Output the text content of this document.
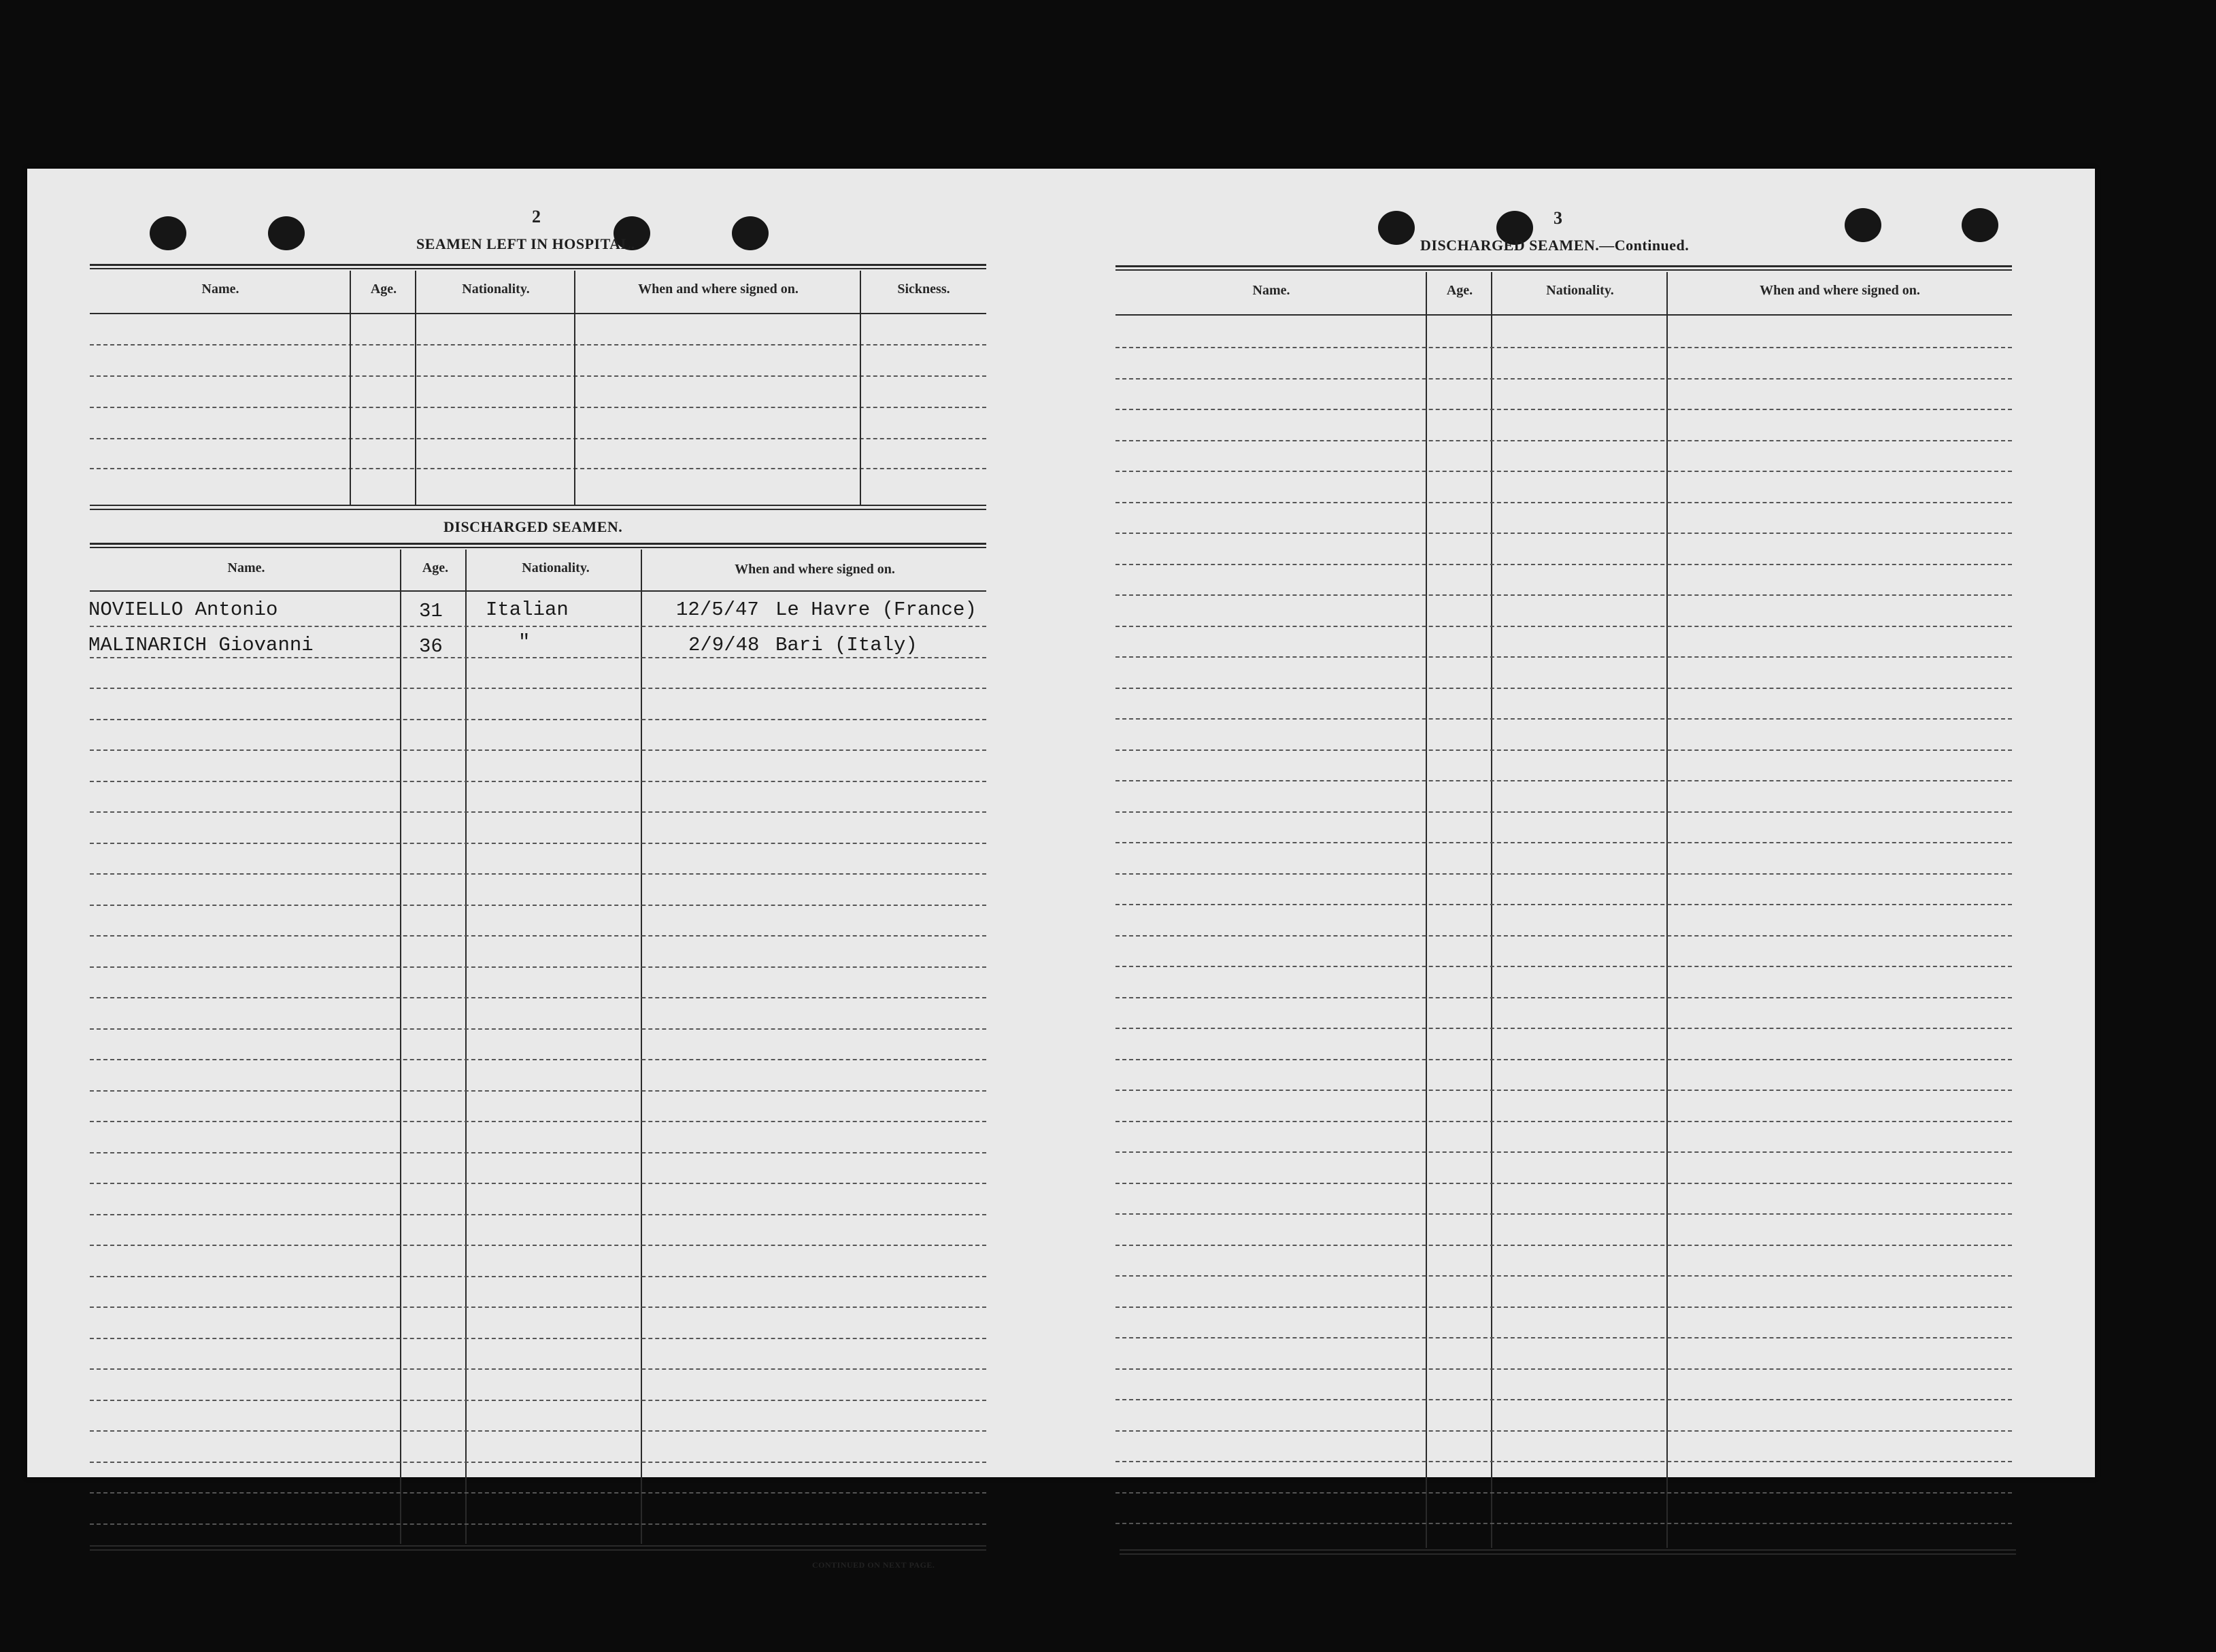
2
SEAMEN LEFT IN HOSPITAL.
Name.	Age.	Nationality.	When and where signed on.	Sickness.
DISCHARGED SEAMEN.
Name.	Age.	Nationality.	When and where signed on.
NOVIELLO Antonio	31 Italian	12/5/47 Le Havre (France)
MALINARICH Giovanni	36	"	2/9/48 Bari (Italy)
CONTINUED ON NEXT PAGE.
3
DISCHARGED SEAMEN.—Continued.
Name.	Age.	Nationality.	When and where signed on.
